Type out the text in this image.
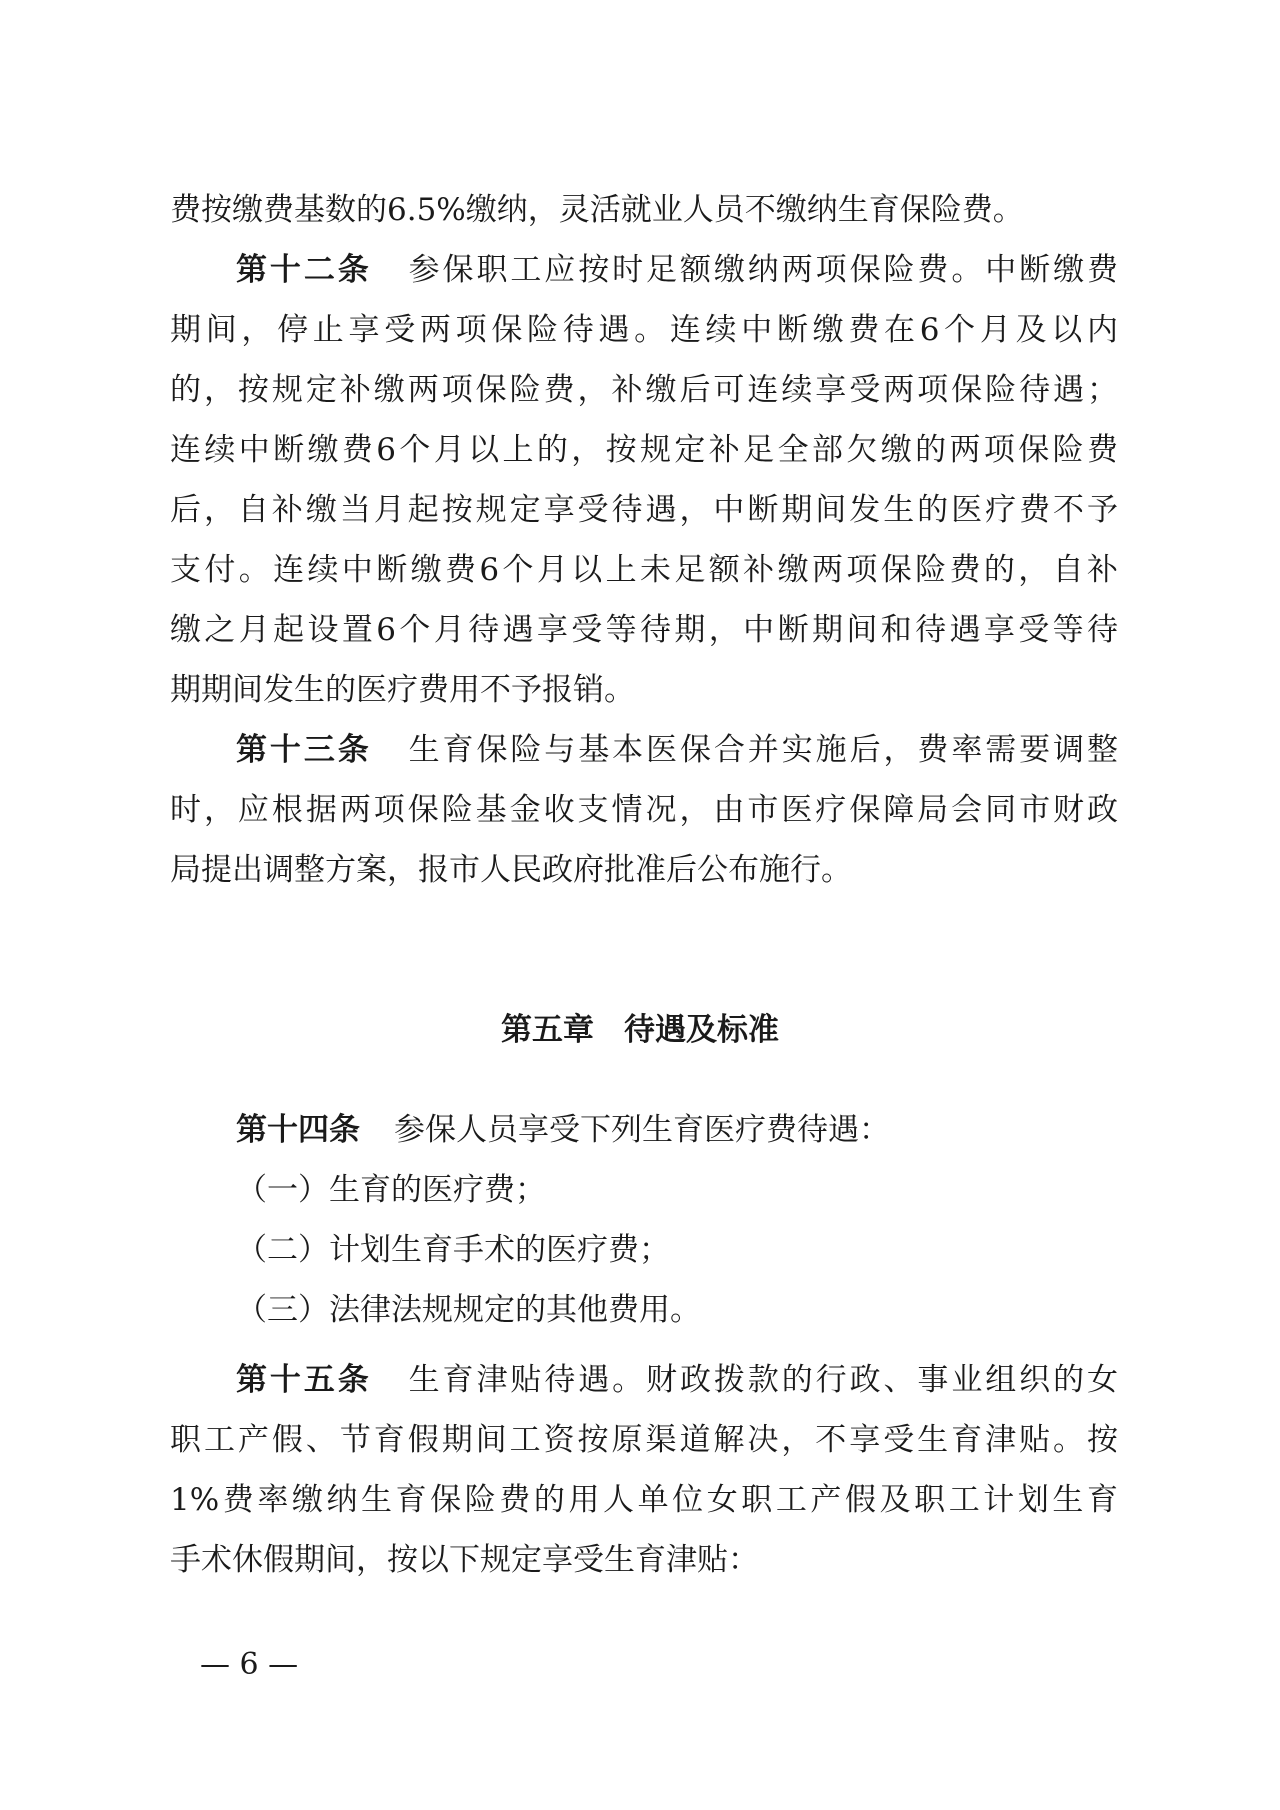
费按缴费基数的6.5%缴纳，灵活就业人员不缴纳生育保险费。
第十二条 参保职工应按时足额缴纳两项保险费。中断缴费
期间，停止享受两项保险待遇。连续中断缴费在6个月及以内
的，按规定补缴两项保险费，补缴后可连续享受两项保险待遇；
连续中断缴费6个月以上的，按规定补足全部欠缴的两项保险费
后，自补缴当月起按规定享受待遇，中断期间发生的医疗费不予
支付。连续中断缴费6个月以上未足额补缴两项保险费的，自补
缴之月起设置6个月待遇享受等待期，中断期间和待遇享受等待
期期间发生的医疗费用不予报销。
第十三条 生育保险与基本医保合并实施后，费率需要调整
时，应根据两项保险基金收支情况，由市医疗保障局会同市财政
局提出调整方案，报市人民政府批准后公布施行。
第五章 待遇及标准
第十四条 参保人员享受下列生育医疗费待遇：
（一）生育的医疗费；
（二）计划生育手术的医疗费；
（三）法律法规规定的其他费用。
第十五条 生育津贴待遇。财政拨款的行政、事业组织的女
职工产假、节育假期间工资按原渠道解决，不享受生育津贴。按
1%费率缴纳生育保险费的用人单位女职工产假及职工计划生育
手术休假期间，按以下规定享受生育津贴：
— 6 —
